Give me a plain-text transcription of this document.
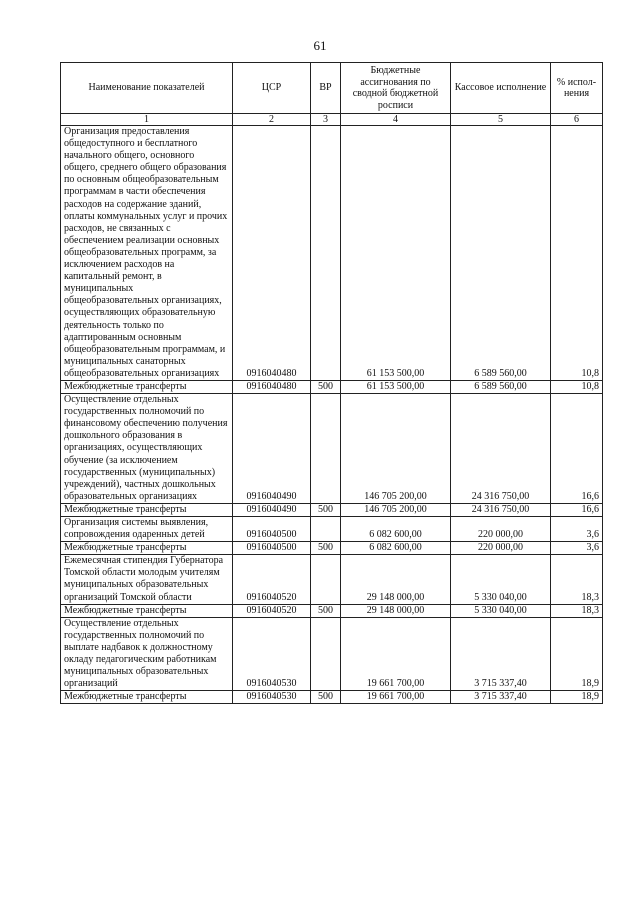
61
Наименование показателей	ЦСР	ВР	Бюджетные ассигнования по сводной бюджетной росписи	Кассовое исполнение	% испол-нения
1	2	3	4	5	6
Организация предоставления общедоступного и бесплатного начального общего, основного общего, среднего общего образования по основным общеобразовательным программам в части обеспечения расходов на содержание зданий, оплаты коммунальных услуг и прочих расходов, не связанных с обеспечением реализации основных общеобразовательных программ, за исключением расходов на капитальный ремонт, в муниципальных общеобразовательных организациях, осуществляющих образовательную деятельность только по адаптированным основным общеобразовательным программам, и муниципальных санаторных общеобразовательных организациях	0916040480		61 153 500,00	6 589 560,00	10,8
Межбюджетные трансферты	0916040480	500	61 153 500,00	6 589 560,00	10,8
Осуществление отдельных государственных полномочий по финансовому обеспечению получения дошкольного образования в организациях, осуществляющих обучение (за исключением государственных (муниципальных) учреждений), частных дошкольных образовательных организациях	0916040490		146 705 200,00	24 316 750,00	16,6
Межбюджетные трансферты	0916040490	500	146 705 200,00	24 316 750,00	16,6
Организация системы выявления, сопровождения одаренных детей	0916040500		6 082 600,00	220 000,00	3,6
Межбюджетные трансферты	0916040500	500	6 082 600,00	220 000,00	3,6
Ежемесячная стипендия Губернатора Томской области молодым учителям муниципальных образовательных организаций Томской области	0916040520		29 148 000,00	5 330 040,00	18,3
Межбюджетные трансферты	0916040520	500	29 148 000,00	5 330 040,00	18,3
Осуществление отдельных государственных полномочий по выплате надбавок к должностному окладу педагогическим работникам муниципальных образовательных организаций	0916040530		19 661 700,00	3 715 337,40	18,9
Межбюджетные трансферты	0916040530	500	19 661 700,00	3 715 337,40	18,9
